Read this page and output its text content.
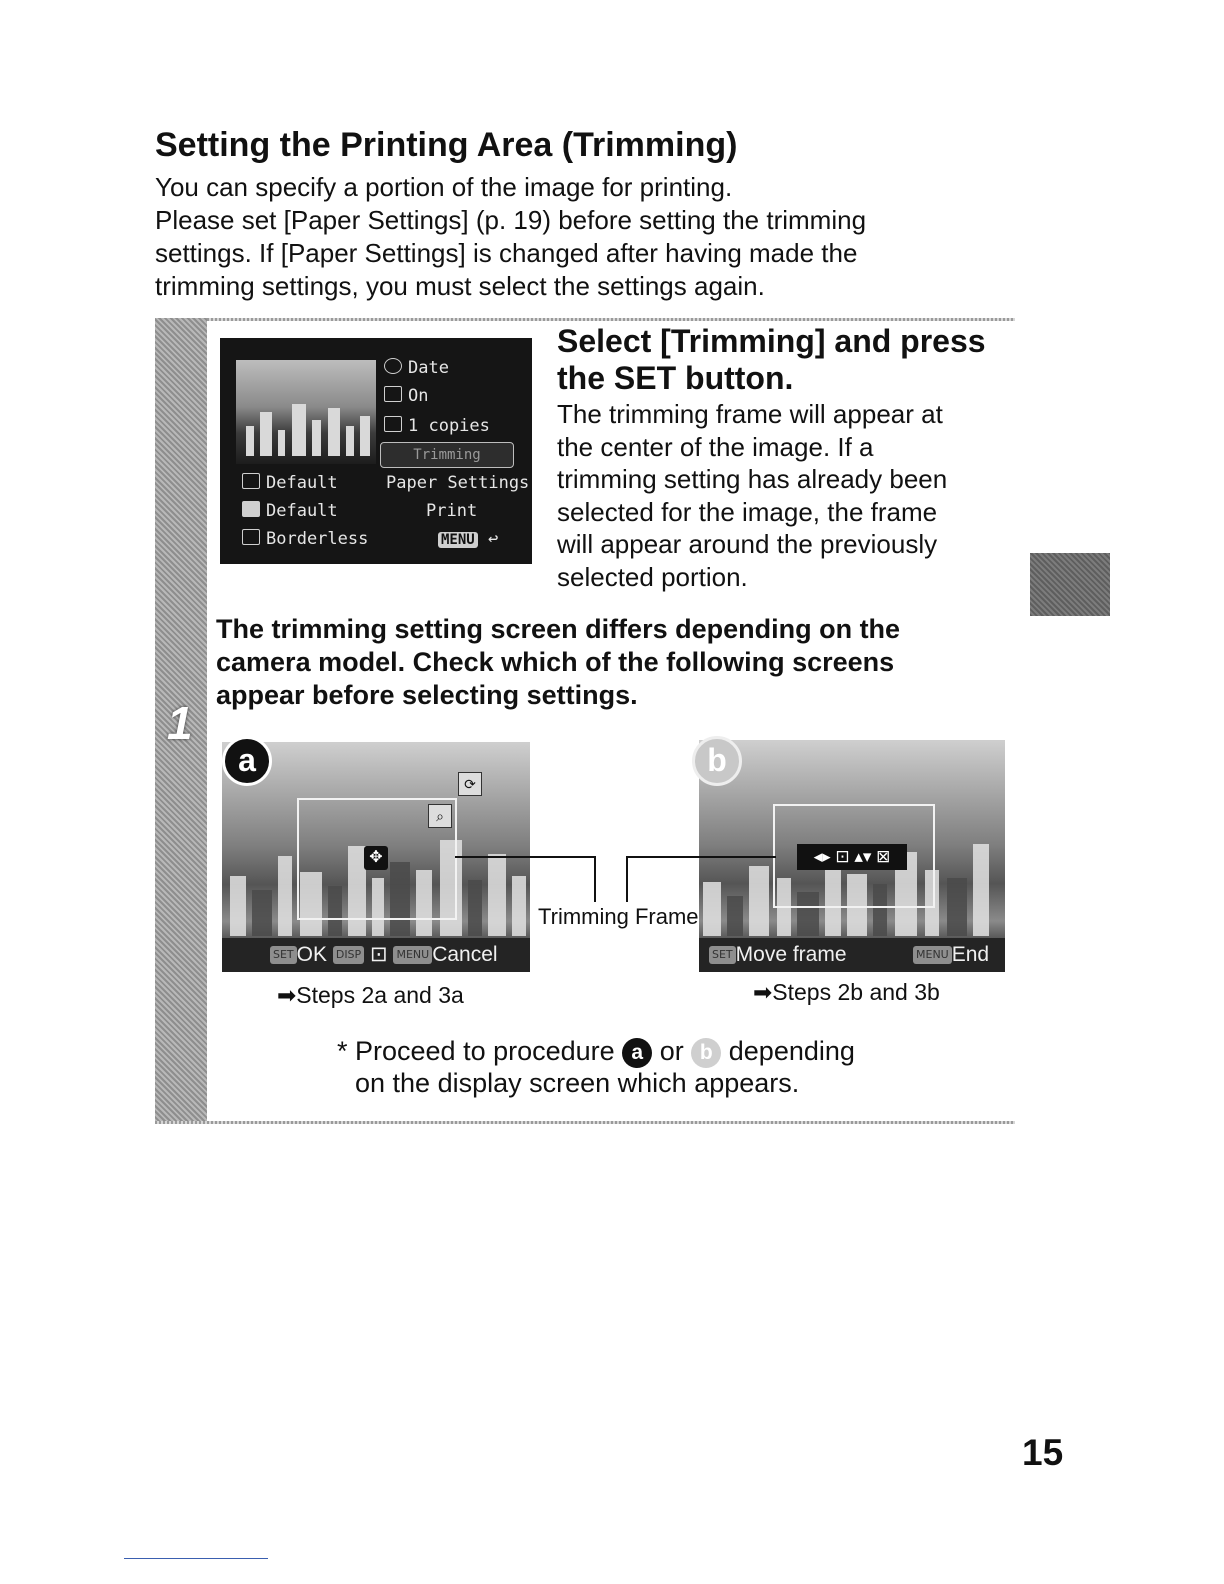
Setting the Printing Area (Trimming)
You can specify a portion of the image for printing.
Please set [Paper Settings] (p. 19) before setting the trimming
settings. If [Paper Settings] is changed after having made the
trimming settings, you must select the settings again.
1
Date
On
1 copies
Trimming
Default
Default
Borderless
Paper Settings
Print
MENU ↩
Select [Trimming] and press
the SET button.
The trimming frame will appear at
the center of the image. If a
trimming setting has already been
selected for the image, the frame
will appear around the previously
selected portion.
The trimming setting screen differs depending on the
camera model. Check which of the following screens
appear before selecting settings.
⟳
⌕
✥
SET OK DISP ⊡ MENU Cancel
a
◂▸ ⊡ ▴▾ ⊠
SET Move frame	MENU End
b
Trimming Frame
➡Steps 2a and 3a	➡Steps 2b and 3b
* Proceed to procedure a or b depending
on the display screen which appears.
15
